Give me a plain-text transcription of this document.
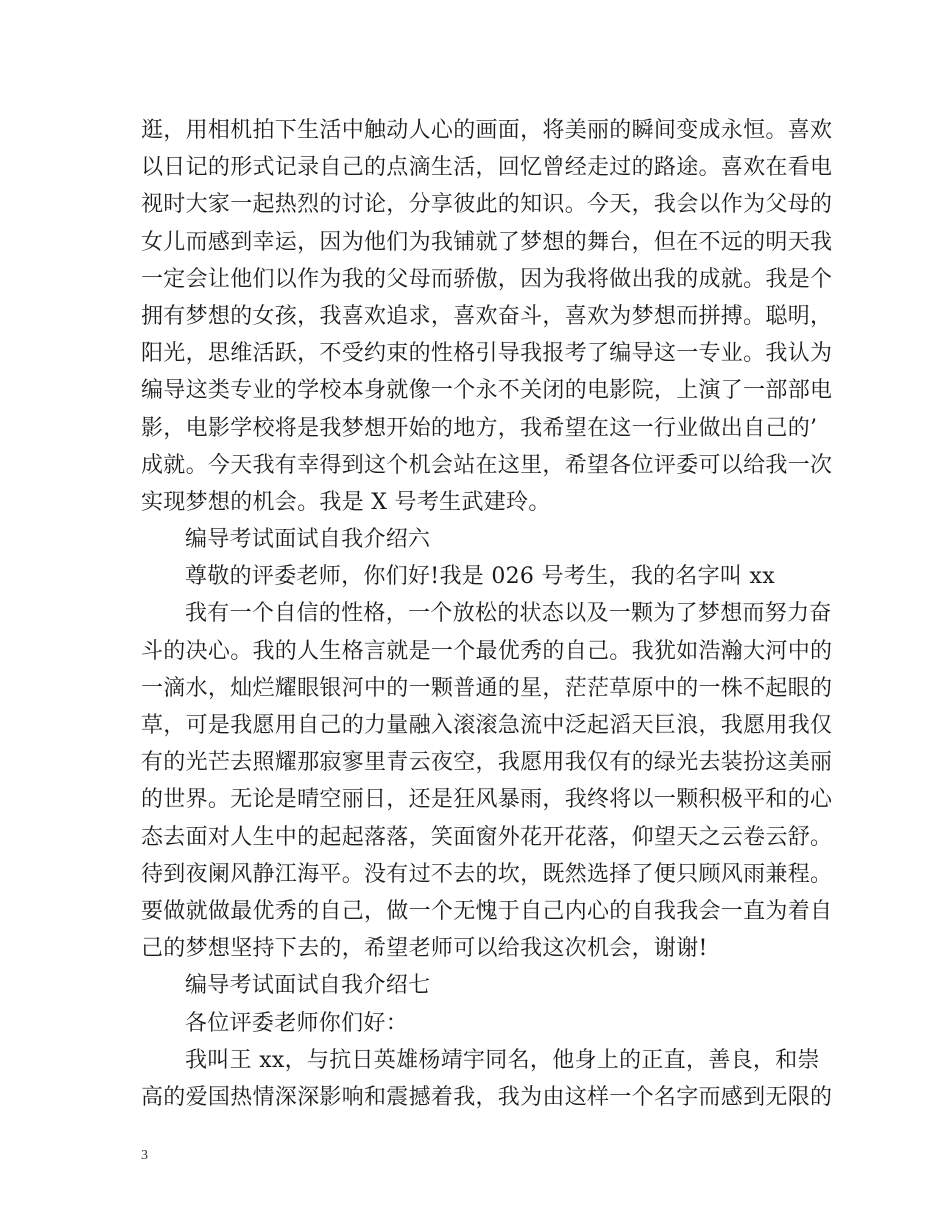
逛，用相机拍下生活中触动人心的画面，将美丽的瞬间变成永恒。喜欢
以日记的形式记录自己的点滴生活，回忆曾经走过的路途。喜欢在看电
视时大家一起热烈的讨论，分享彼此的知识。今天，我会以作为父母的
女儿而感到幸运，因为他们为我铺就了梦想的舞台，但在不远的明天我
一定会让他们以作为我的父母而骄傲，因为我将做出我的成就。我是个
拥有梦想的女孩，我喜欢追求，喜欢奋斗，喜欢为梦想而拼搏。聪明，
阳光，思维活跃，不受约束的性格引导我报考了编导这一专业。我认为
编导这类专业的学校本身就像一个永不关闭的电影院，上演了一部部电
影，电影学校将是我梦想开始的地方，我希望在这一行业做出自己的’
成就。今天我有幸得到这个机会站在这里，希望各位评委可以给我一次
实现梦想的机会。我是 X 号考生武建玲。
编导考试面试自我介绍六
尊敬的评委老师，你们好!我是 026 号考生，我的名字叫 xx
我有一个自信的性格，一个放松的状态以及一颗为了梦想而努力奋
斗的决心。我的人生格言就是一个最优秀的自己。我犹如浩瀚大河中的
一滴水，灿烂耀眼银河中的一颗普通的星，茫茫草原中的一株不起眼的
草，可是我愿用自己的力量融入滚滚急流中泛起滔天巨浪，我愿用我仅
有的光芒去照耀那寂寥里青云夜空，我愿用我仅有的绿光去装扮这美丽
的世界。无论是晴空丽日，还是狂风暴雨，我终将以一颗积极平和的心
态去面对人生中的起起落落，笑面窗外花开花落，仰望天之云卷云舒。
待到夜阑风静江海平。没有过不去的坎，既然选择了便只顾风雨兼程。
要做就做最优秀的自己，做一个无愧于自己内心的自我我会一直为着自
己的梦想坚持下去的，希望老师可以给我这次机会，谢谢!
编导考试面试自我介绍七
各位评委老师你们好：
我叫王 xx，与抗日英雄杨靖宇同名，他身上的正直，善良，和崇
高的爱国热情深深影响和震撼着我，我为由这样一个名字而感到无限的
3
